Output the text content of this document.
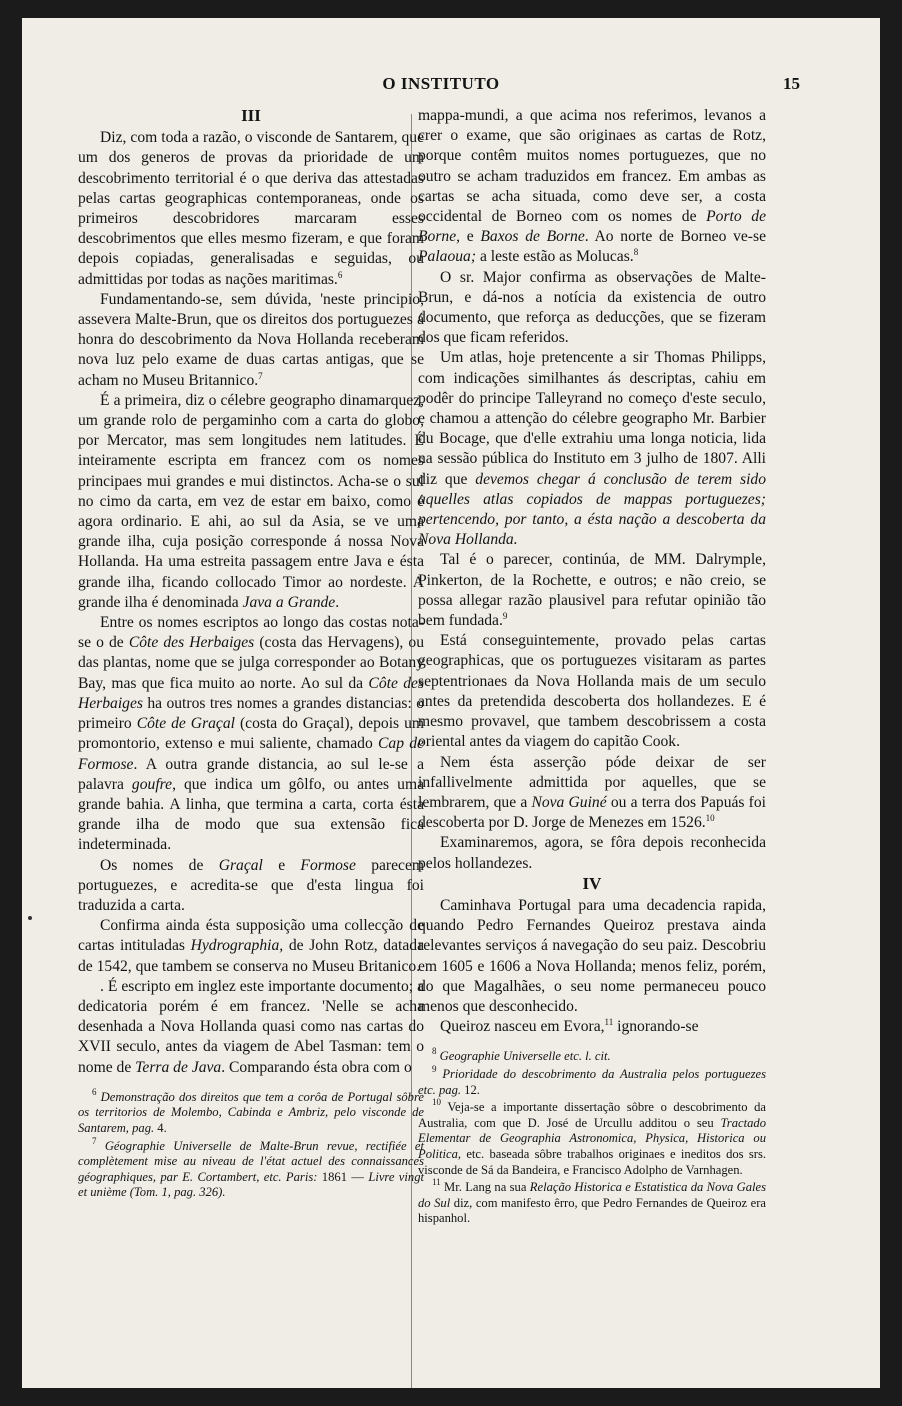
O INSTITUTO	15
III

Diz, com toda a razão, o visconde de Santarem, que um dos generos de provas da prioridade de um descobrimento territorial é o que deriva das attestadas pelas cartas geographicas contemporaneas, onde os primeiros descobridores marcaram esses descobrimentos que elles mesmo fizeram, e que foram depois copiadas, generalisadas e seguidas, ou admittidas por todas as nações maritimas.$^6$

Fundamentando-se, sem dúvida, 'neste principio, assevera Malte-Brun, que os direitos dos portuguezes á honra do descobrimento da Nova Hollanda receberam nova luz pelo exame de duas cartas antigas, que se acham no Museu Britannico.$^7$

É a primeira, diz o célebre geographo dinamarquez, um grande rolo de pergaminho com a carta do globo, por Mercator, mas sem longitudes nem latitudes. É inteiramente escripta em francez com os nomes principaes mui grandes e mui distinctos. Acha-se o sul no cimo da carta, em vez de estar em baixo, como é agora ordinario. E ahi, ao sul da Asia, se ve uma grande ilha, cuja posição corresponde á nossa Nova Hollanda. Ha uma estreita passagem entre Java e ésta grande ilha, ficando collocado Timor ao nordeste. A grande ilha é denominada Java a Grande.

Entre os nomes escriptos ao longo das costas nota-se o de Côte des Herbaiges (costa das Hervagens), ou das plantas, nome que se julga corresponder ao Botany Bay, mas que fica muito ao norte. Ao sul da Côte des Herbaiges ha outros tres nomes a grandes distancias: o primeiro Côte de Graçal (costa do Graçal), depois um promontorio, extenso e mui saliente, chamado Cap de Formose. A outra grande distancia, ao sul le-se a palavra goufre, que indica um gôlfo, ou antes uma grande bahia. A linha, que termina a carta, corta ésta grande ilha de modo que sua extensão fica indeterminada.

Os nomes de Graçal e Formose parecem portuguezes, e acredita-se que d'esta lingua foi traduzida a carta.

Confirma ainda ésta supposição uma collecção de cartas intituladas Hydrographia, de John Rotz, datada de 1542, que tambem se conserva no Museu Britanico.

. É escripto em inglez este importante documento; a dedicatoria porém é em francez. 'Nelle se acha desenhada a Nova Hollanda quasi como nas cartas do XVII seculo, antes da viagem de Abel Tasman: tem o nome de Terra de Java. Comparando ésta obra com o

$^6$ Demonstração dos direitos que tem a corôa de Portugal sôbre os territorios de Molembo, Cabinda e Ambriz, pelo visconde de Santarem, pag. 4.

$^7$ Géographie Universelle de Malte-Brun revue, rectifiée et complètement mise au niveau de l'état actuel des connaissances géographiques, par E. Cortambert, etc. Paris: 1861 — Livre vingt et unième (Tom. 1, pag. 326).

mappa-mundi, a que acima nos referimos, levanos a crer o exame, que são originaes as cartas de Rotz, porque contêm muitos nomes portuguezes, que no outro se acham traduzidos em francez. Em ambas as cartas se acha situada, como deve ser, a costa occidental de Borneo com os nomes de Porto de Borne, e Baxos de Borne. Ao norte de Borneo ve-se Palaoua; a leste estão as Molucas.$^8$

O sr. Major confirma as observações de Malte-Brun, e dá-nos a notícia da existencia de outro documento, que reforça as deducções, que se fizeram dos que ficam referidos.

Um atlas, hoje pretencente a sir Thomas Philipps, com indicações similhantes ás descriptas, cahiu em podêr do principe Talleyrand no começo d'este seculo, e chamou a attenção do célebre geographo Mr. Barbier du Bocage, que d'elle extrahiu uma longa noticia, lida na sessão pública do Instituto em 3 julho de 1807. Alli diz que devemos chegar á conclusão de terem sido aquelles atlas copiados de mappas portuguezes; pertencendo, por tanto, a ésta nação a descoberta da Nova Hollanda.

Tal é o parecer, continúa, de MM. Dalrymple, Pinkerton, de la Rochette, e outros; e não creio, se possa allegar razão plausivel para refutar opinião tão bem fundada.$^9$

Está conseguintemente, provado pelas cartas geographicas, que os portuguezes visitaram as partes septentrionaes da Nova Hollanda mais de um seculo antes da pretendida descoberta dos hollandezes. E é mesmo provavel, que tambem descobrissem a costa oriental antes da viagem do capitão Cook.

Nem ésta asserção póde deixar de ser infallivelmente admittida por aquelles, que se lembrarem, que a Nova Guiné ou a terra dos Papuás foi descoberta por D. Jorge de Menezes em 1526.10

Examinaremos, agora, se fôra depois reconhecida pelos hollandezes.

IV

Caminhava Portugal para uma decadencia rapida, quando Pedro Fernandes Queiroz prestava ainda relevantes serviços á navegação do seu paiz. Descobriu em 1605 e 1606 a Nova Hollanda; menos feliz, porém, do que Magalhães, o seu nome permaneceu pouco menos que desconhecido.

Queiroz nasceu em Evora,$^{11}$ ignorando-se

$^8$ Geographie Universelle etc. l. cit.

$^9$ Prioridade do descobrimento da Australia pelos portuguezes etc. pag. 12.

$^{10}$ Veja-se a importante dissertação sôbre o descobrimento da Australia, com que D. José de Urcullu additou o seu Tractado Elementar de Geographia Astronomica, Physica, Historica ou Politica, etc. baseada sôbre trabalhos originaes e ineditos dos srs. visconde de Sá da Bandeira, e Francisco Adolpho de Varnhagen.

$^{11}$ Mr. Lang na sua Relação Historica e Estatistica da Nova Gales do Sul diz, com manifesto êrro, que Pedro Fernandes de Queiroz era hispanhol.
